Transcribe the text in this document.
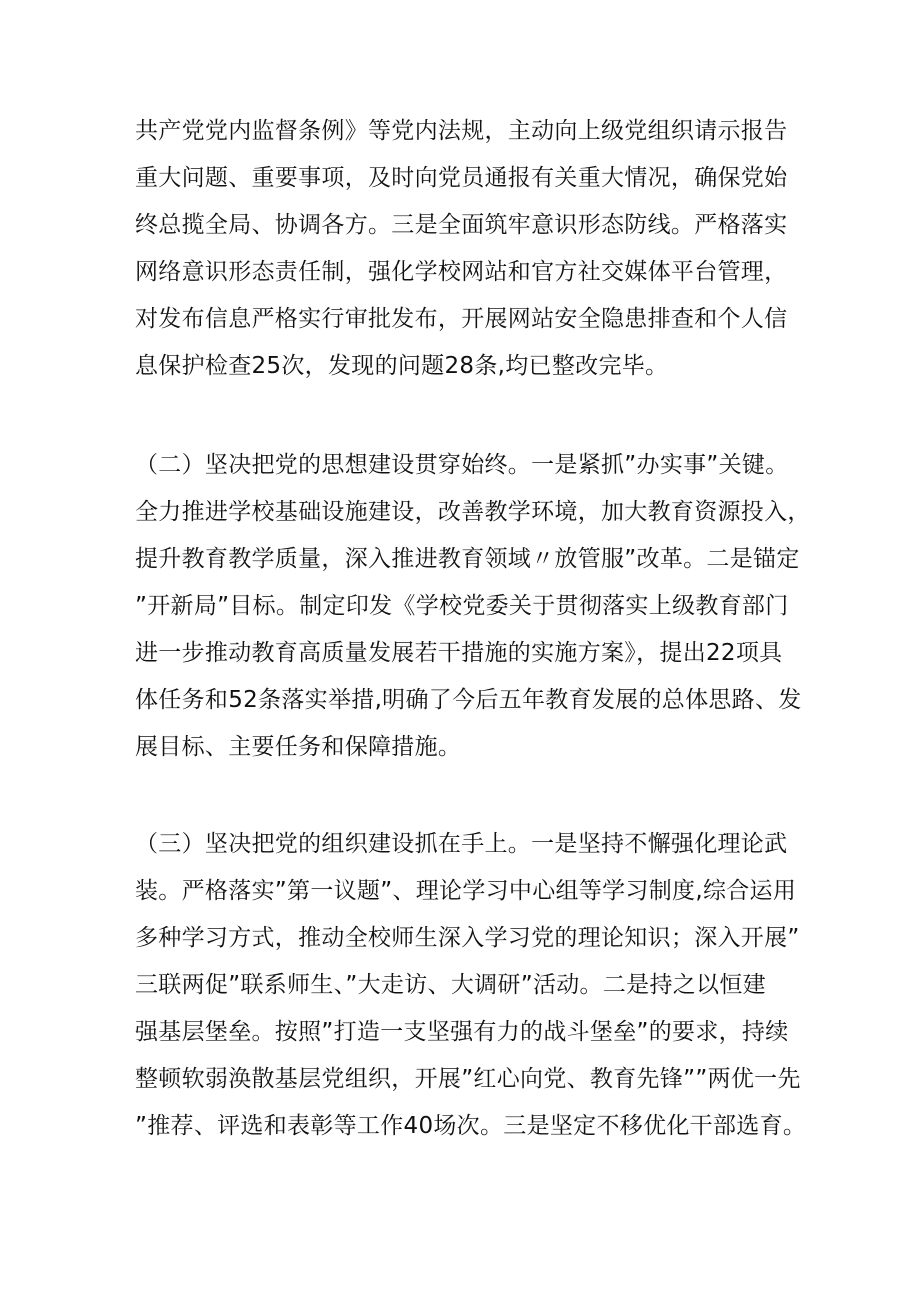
共产党党内监督条例》等党内法规，主动向上级党组织请示报告
重大问题、重要事项，及时向党员通报有关重大情况，确保党始
终总揽全局、协调各方。三是全面筑牢意识形态防线。严格落实
网络意识形态责任制，强化学校网站和官方社交媒体平台管理，
对发布信息严格实行审批发布，开展网站安全隐患排查和个人信
息保护检查25次，发现的问题28条,均已整改完毕。
（二）坚决把党的思想建设贯穿始终。一是紧抓”办实事”关键。
全力推进学校基础设施建设，改善教学环境，加大教育资源投入，
提升教育教学质量，深入推进教育领域〃放管服”改革。二是锚定
”开新局”目标。制定印发《学校党委关于贯彻落实上级教育部门
进一步推动教育高质量发展若干措施的实施方案》，提出22项具
体任务和52条落实举措,明确了今后五年教育发展的总体思路、发
展目标、主要任务和保障措施。
（三）坚决把党的组织建设抓在手上。一是坚持不懈强化理论武
装。严格落实”第一议题”、理论学习中心组等学习制度,综合运用
多种学习方式，推动全校师生深入学习党的理论知识；深入开展”
三联两促”联系师生、”大走访、大调研”活动。二是持之以恒建
强基层堡垒。按照”打造一支坚强有力的战斗堡垒”的要求，持续
整顿软弱涣散基层党组织，开展”红心向党、教育先锋””两优一先
”推荐、评选和表彰等工作40场次。三是坚定不移优化干部选育。
